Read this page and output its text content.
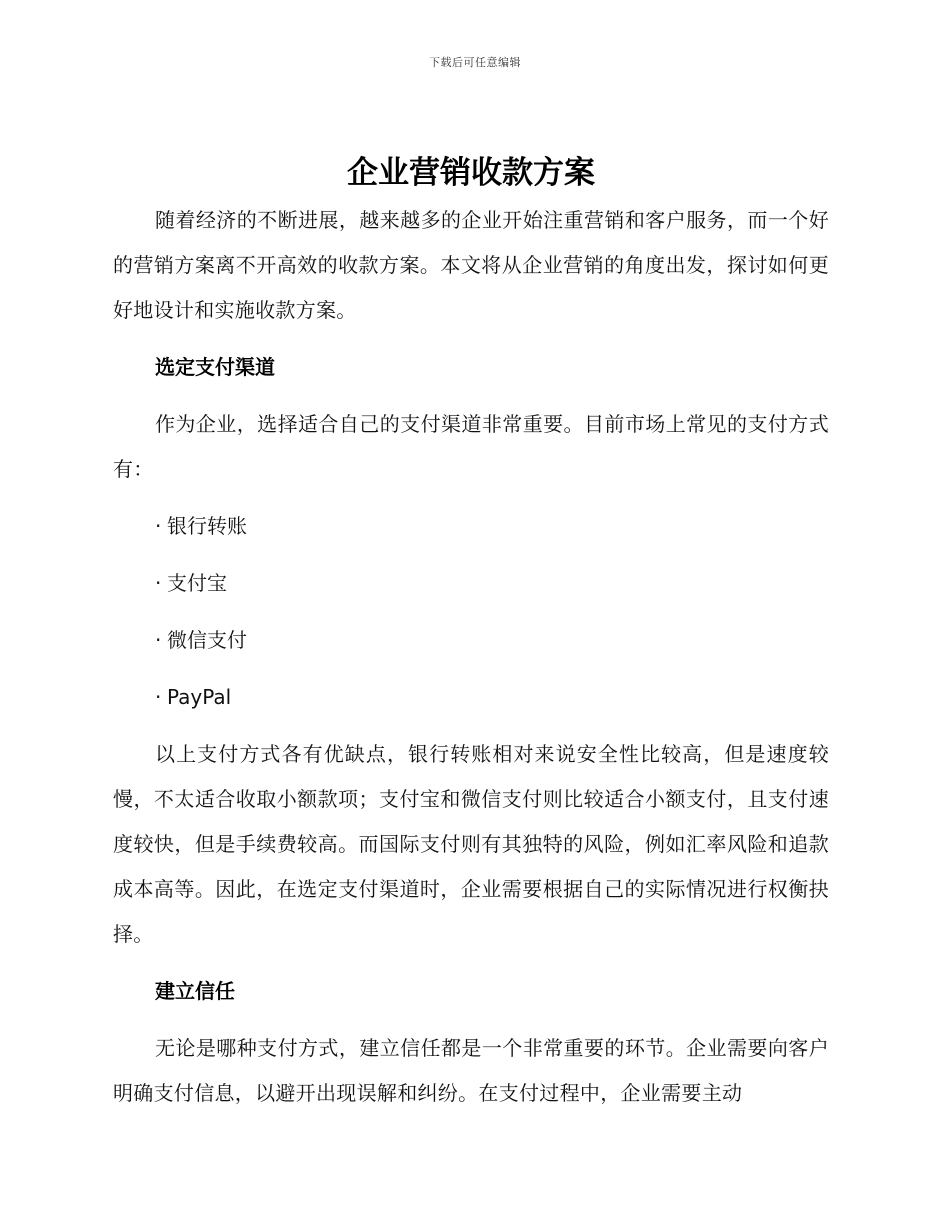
下载后可任意编辑
企业营销收款方案

随着经济的不断进展，越来越多的企业开始注重营销和客户服务，而一个好的营销方案离不开高效的收款方案。本文将从企业营销的角度出发，探讨如何更好地设计和实施收款方案。

选定支付渠道

作为企业，选择适合自己的支付渠道非常重要。目前市场上常见的支付方式有：

· 银行转账
· 支付宝
· 微信支付
· PayPal

以上支付方式各有优缺点，银行转账相对来说安全性比较高，但是速度较慢，不太适合收取小额款项；支付宝和微信支付则比较适合小额支付，且支付速度较快，但是手续费较高。而国际支付则有其独特的风险，例如汇率风险和追款成本高等。因此，在选定支付渠道时，企业需要根据自己的实际情况进行权衡抉择。

建立信任

无论是哪种支付方式，建立信任都是一个非常重要的环节。企业需要向客户明确支付信息，以避开出现误解和纠纷。在支付过程中，企业需要主动
